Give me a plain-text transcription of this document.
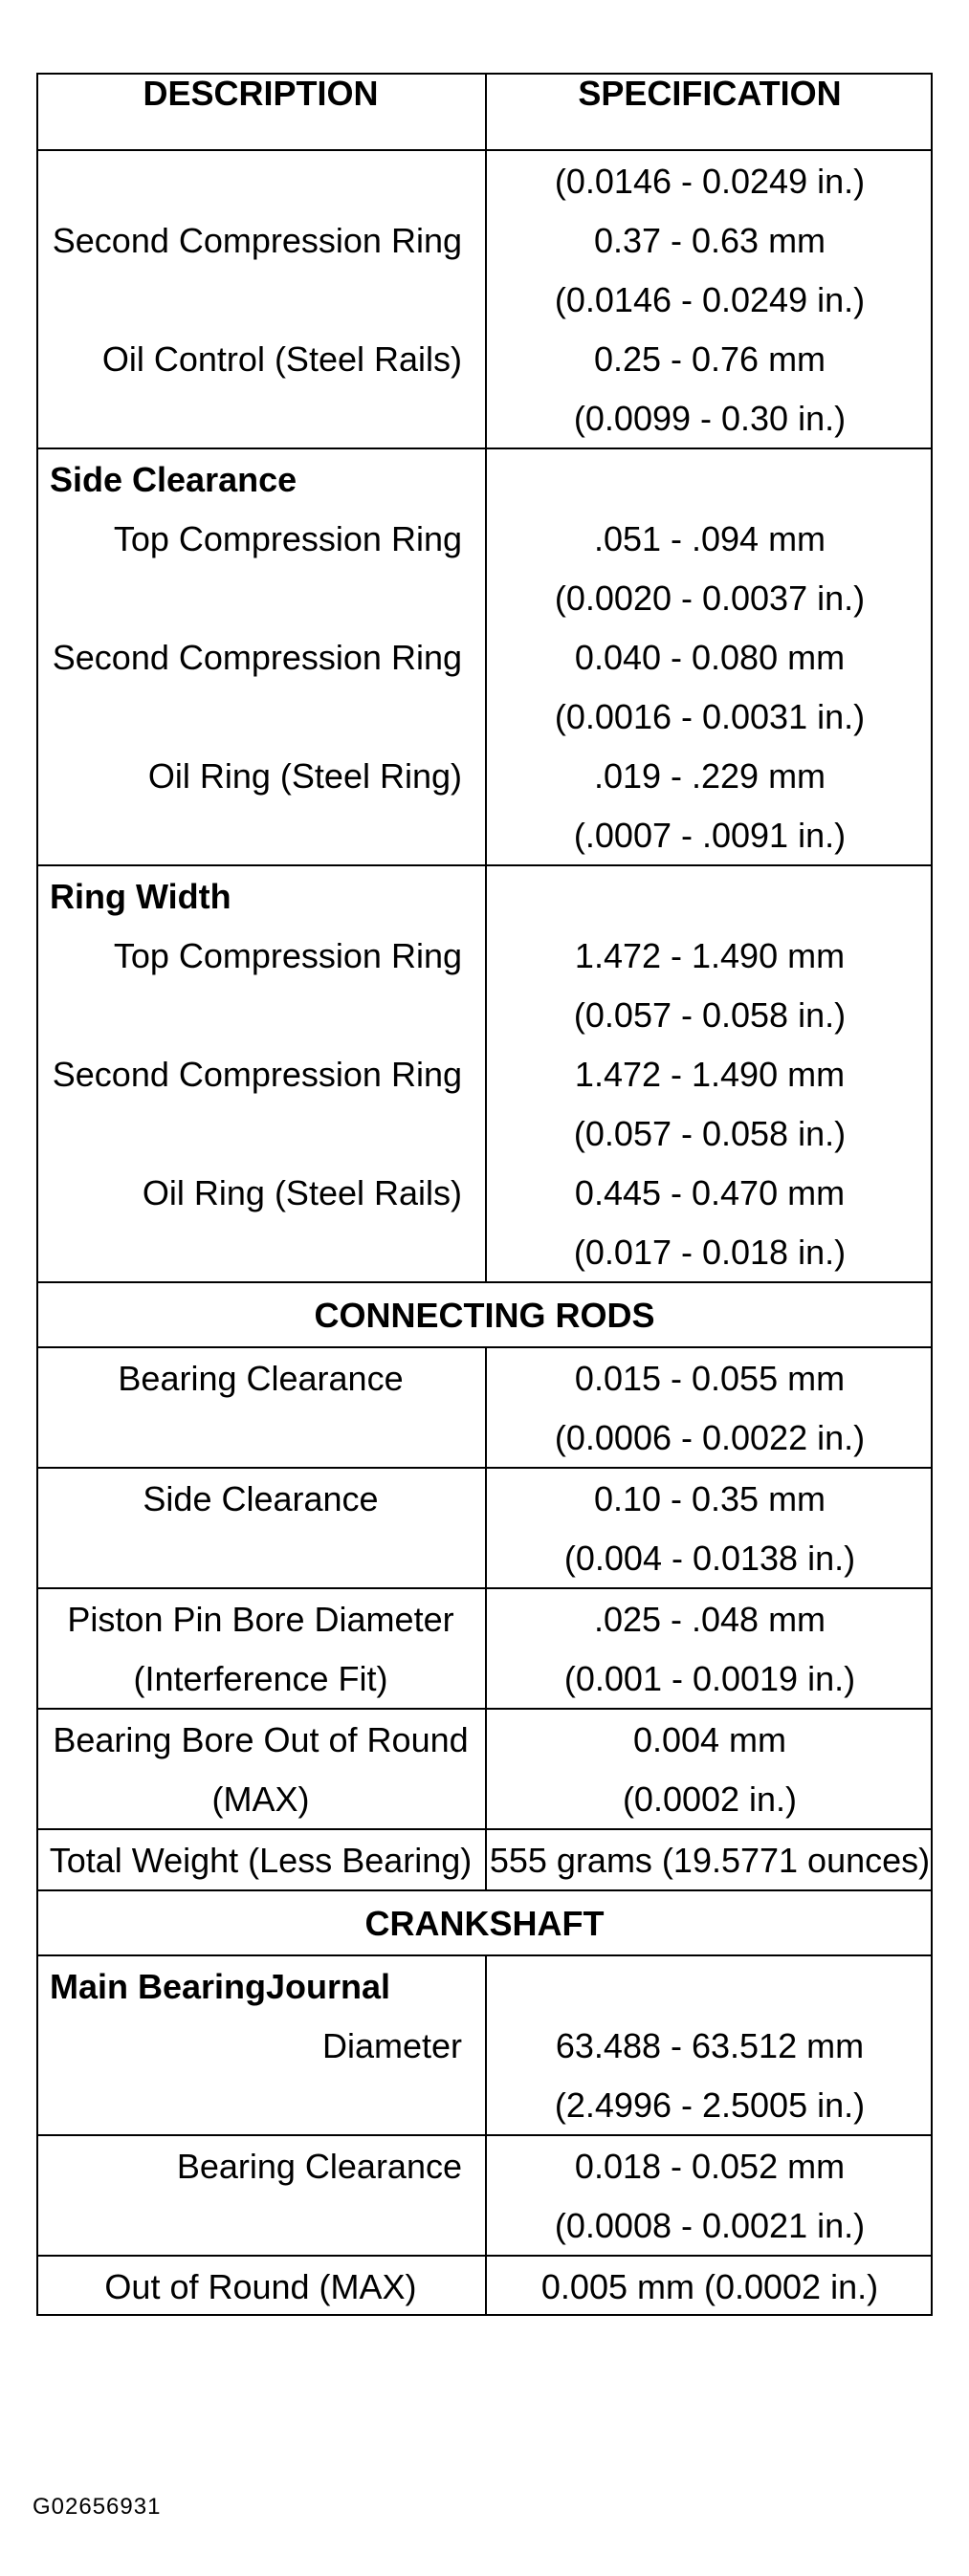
DESCRIPTION	SPECIFICATION
	(0.0146 - 0.0249 in.)
Second Compression Ring	0.37 - 0.63 mm
	(0.0146 - 0.0249 in.)
Oil Control (Steel Rails)	0.25 - 0.76 mm
	(0.0099 - 0.30 in.)
Side Clearance	
Top Compression Ring	.051 - .094 mm
	(0.0020 - 0.0037 in.)
Second Compression Ring	0.040 - 0.080 mm
	(0.0016 - 0.0031 in.)
Oil Ring (Steel Ring)	.019 - .229 mm
	(.0007 - .0091 in.)
Ring Width	
Top Compression Ring	1.472 - 1.490 mm
	(0.057 - 0.058 in.)
Second Compression Ring	1.472 - 1.490 mm
	(0.057 - 0.058 in.)
Oil Ring (Steel Rails)	0.445 - 0.470 mm
	(0.017 - 0.018 in.)
CONNECTING RODS	
Bearing Clearance	0.015 - 0.055 mm
	(0.0006 - 0.0022 in.)
Side Clearance	0.10 - 0.35 mm
	(0.004 - 0.0138 in.)
Piston Pin Bore Diameter	.025 - .048 mm
(Interference Fit)	(0.001 - 0.0019 in.)
Bearing Bore Out of Round	0.004 mm
(MAX)	(0.0002 in.)
Total Weight (Less Bearing)	555 grams (19.5771 ounces)
CRANKSHAFT	
Main BearingJournal	
Diameter	63.488 - 63.512 mm
	(2.4996 - 2.5005 in.)
Bearing Clearance	0.018 - 0.052 mm
	(0.0008 - 0.0021 in.)
Out of Round (MAX)	0.005 mm (0.0002 in.)
G02656931
